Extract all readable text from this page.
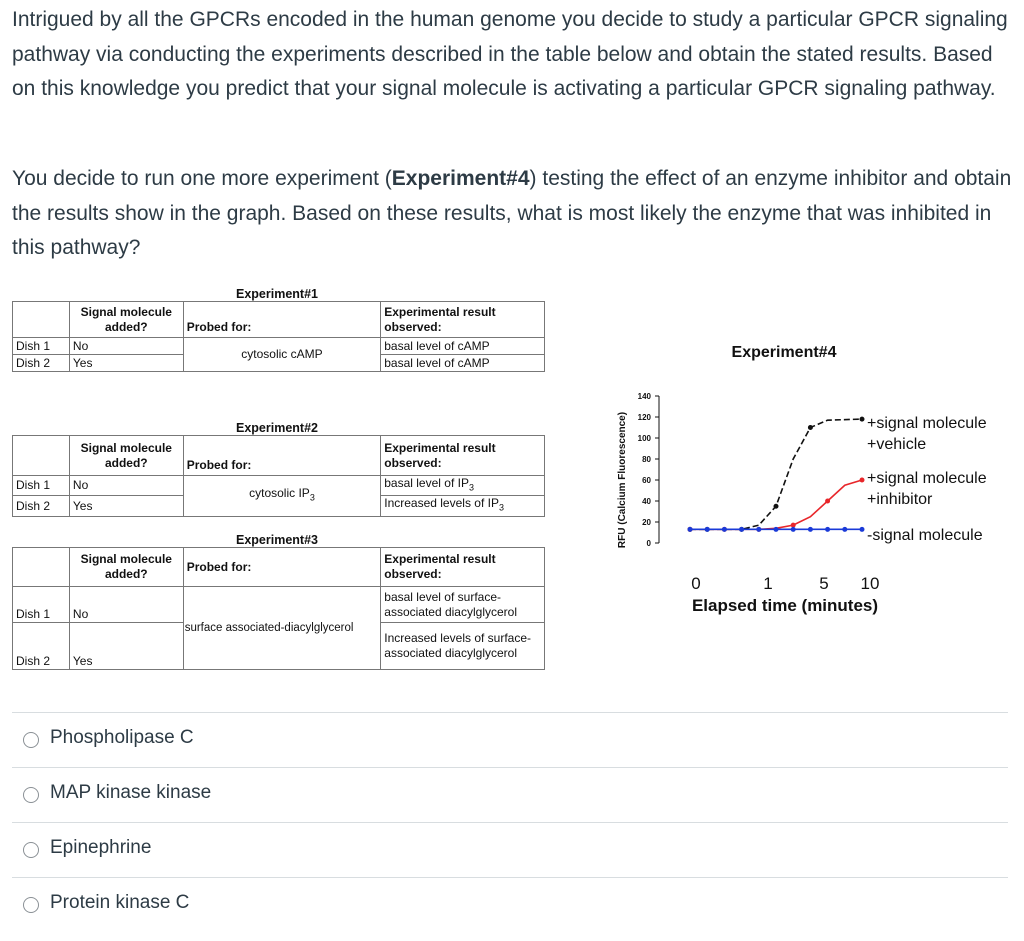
Intrigued by all the GPCRs encoded in the human genome you decide to study a particular GPCR signaling pathway via conducting the experiments described in the table below and obtain the stated results. Based on this knowledge you predict that your signal molecule is activating a particular GPCR signaling pathway.
You decide to run one more experiment (Experiment#4) testing the effect of an enzyme inhibitor and obtain the results show in the graph. Based on these results, what is most likely the enzyme that was inhibited in this pathway?
Experiment#1
	Signal molecule added?	Probed for:	Experimental result observed:
Dish 1	No	cytosolic cAMP	basal level of cAMP
Dish 2	Yes		basal level of cAMP
Experiment#2
	Signal molecule added?	Probed for:	Experimental result observed:
Dish 1	No	cytosolic $IP_3$	basal level of $IP_3$
Dish 2	Yes		Increased levels of $IP_3$
Experiment#3
	Signal molecule added?	Probed for:	Experimental result observed:
Dish 1	No	surface associated-diacylglycerol	basal level of surface-associated diacylglycerol
Dish 2	Yes		Increased levels of surface-associated diacylglycerol
Experiment#4
RFU (Calcium Fluorescence) 0
20
40
60
80
100
120
140
0	1	5 10
Elapsed time (minutes)
+signal molecule
+vehicle
+signal molecule
+inhibitor
-signal molecule
Phospholipase C
MAP kinase kinase
Epinephrine
Protein kinase C
